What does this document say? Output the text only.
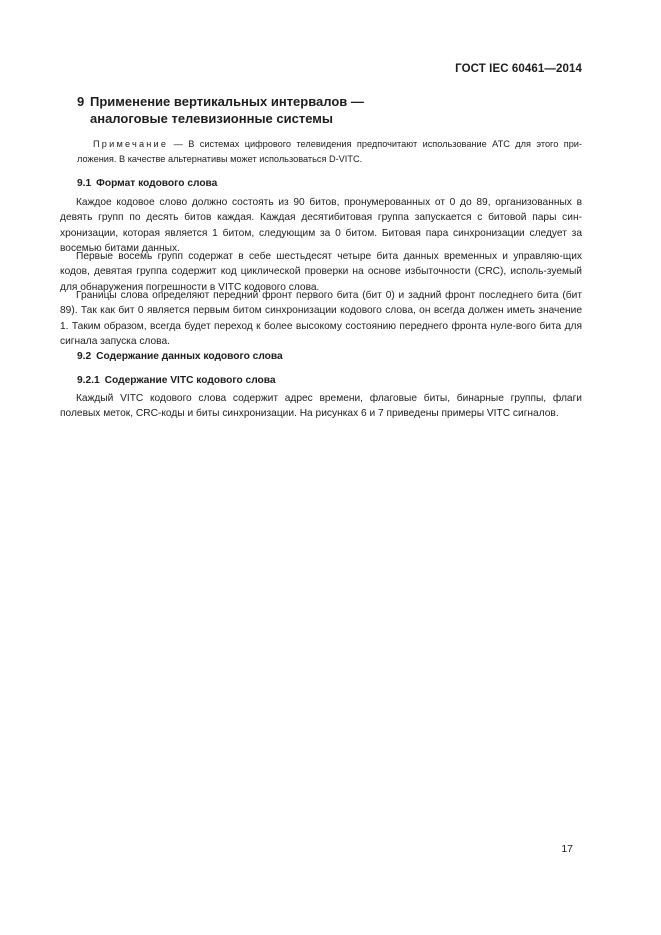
ГОСТ IEC 60461—2014
9 Применение вертикальных интервалов —
аналоговые телевизионные системы

Примечание — В системах цифрового телевидения предпочитают использование АТС для этого при-ложения. В качестве альтернативы может использоваться D-VITC.

9.1 Формат кодового слова

Каждое кодовое слово должно состоять из 90 битов, пронумерованных от 0 до 89, организованных в девять групп по десять битов каждая. Каждая десятибитовая группа запускается с битовой пары син-хронизации, которая является 1 битом, следующим за 0 битом. Битовая пара синхронизации следует за восемью битами данных.

Первые восемь групп содержат в себе шестьдесят четыре бита данных временных и управляю-щих кодов, девятая группа содержит код циклической проверки на основе избыточности (CRC), исполь-зуемый для обнаружения погрешности в VITC кодового слова.

Границы слова определяют передний фронт первого бита (бит 0) и задний фронт последнего бита (бит 89). Так как бит 0 является первым битом синхронизации кодового слова, он всегда должен иметь значение 1. Таким образом, всегда будет переход к более высокому состоянию переднего фронта нуле-вого бита для сигнала запуска слова.

9.2 Содержание данных кодового слова
9.2.1 Содержание VITC кодового слова

Каждый VITC кодового слова содержит адрес времени, флаговые биты, бинарные группы, флаги полевых меток, CRC-коды и биты синхронизации. На рисунках 6 и 7 приведены примеры VITC сигналов.

17
